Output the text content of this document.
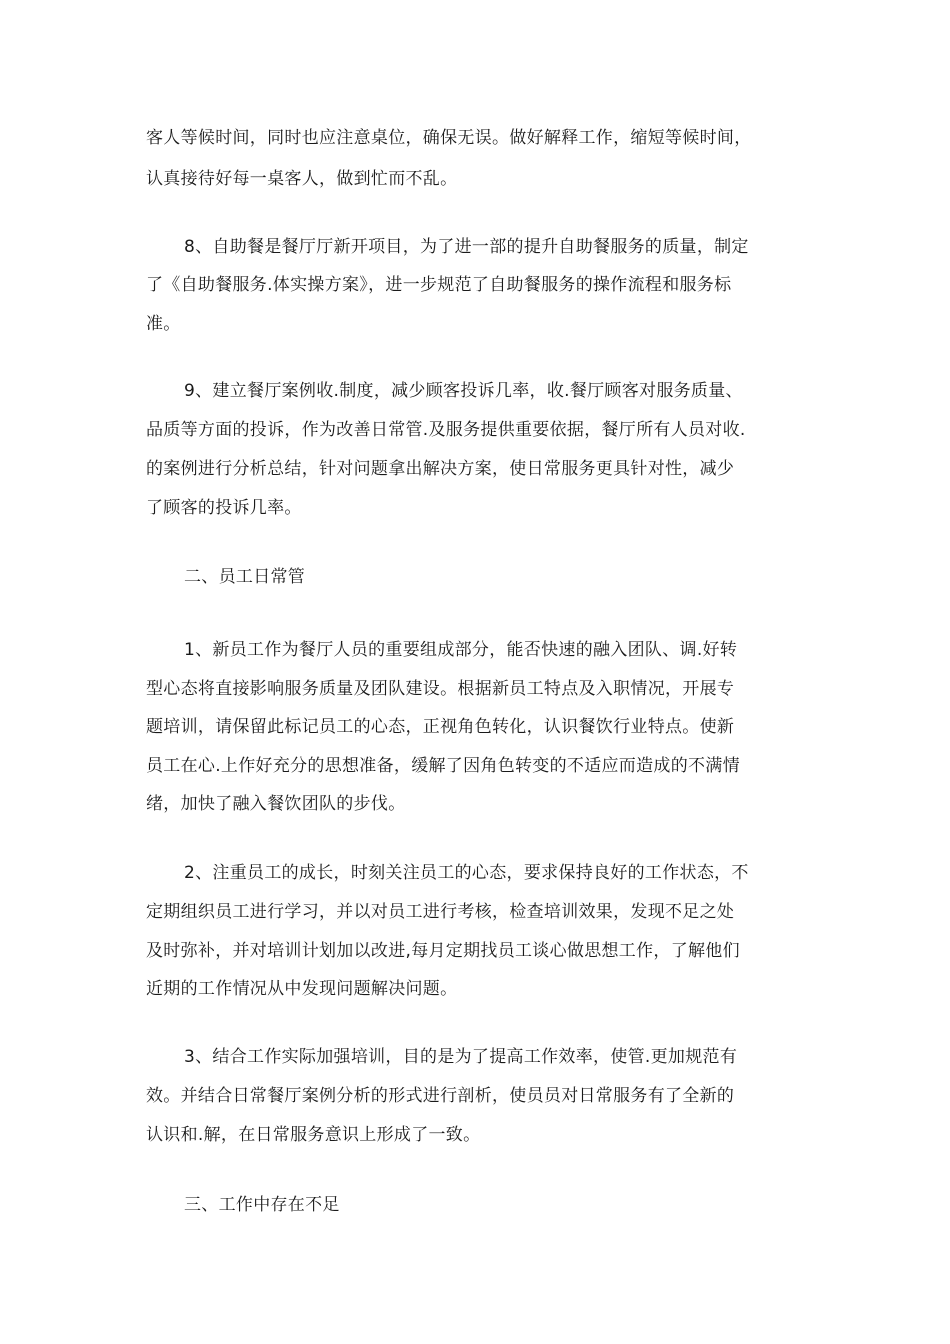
客人等候时间，同时也应注意桌位，确保无误。做好解释工作，缩短等候时间，
认真接待好每一桌客人，做到忙而不乱。
8、自助餐是餐厅厅新开项目，为了进一部的提升自助餐服务的质量，制定
了《自助餐服务.体实操方案》，进一步规范了自助餐服务的操作流程和服务标
准。
9、建立餐厅案例收.制度，减少顾客投诉几率，收.餐厅顾客对服务质量、
品质等方面的投诉，作为改善日常管.及服务提供重要依据，餐厅所有人员对收.
的案例进行分析总结，针对问题拿出解决方案，使日常服务更具针对性，减少
了顾客的投诉几率。
二、员工日常管
1、新员工作为餐厅人员的重要组成部分，能否快速的融入团队、调.好转
型心态将直接影响服务质量及团队建设。根据新员工特点及入职情况，开展专
题培训，请保留此标记员工的心态，正视角色转化，认识餐饮行业特点。使新
员工在心.上作好充分的思想准备，缓解了因角色转变的不适应而造成的不满情
绪，加快了融入餐饮团队的步伐。
2、注重员工的成长，时刻关注员工的心态，要求保持良好的工作状态，不
定期组织员工进行学习，并以对员工进行考核，检查培训效果，发现不足之处
及时弥补，并对培训计划加以改进,每月定期找员工谈心做思想工作，了解他们
近期的工作情况从中发现问题解决问题。
3、结合工作实际加强培训，目的是为了提高工作效率，使管.更加规范有
效。并结合日常餐厅案例分析的形式进行剖析，使员员对日常服务有了全新的
认识和.解，在日常服务意识上形成了一致。
三、工作中存在不足
